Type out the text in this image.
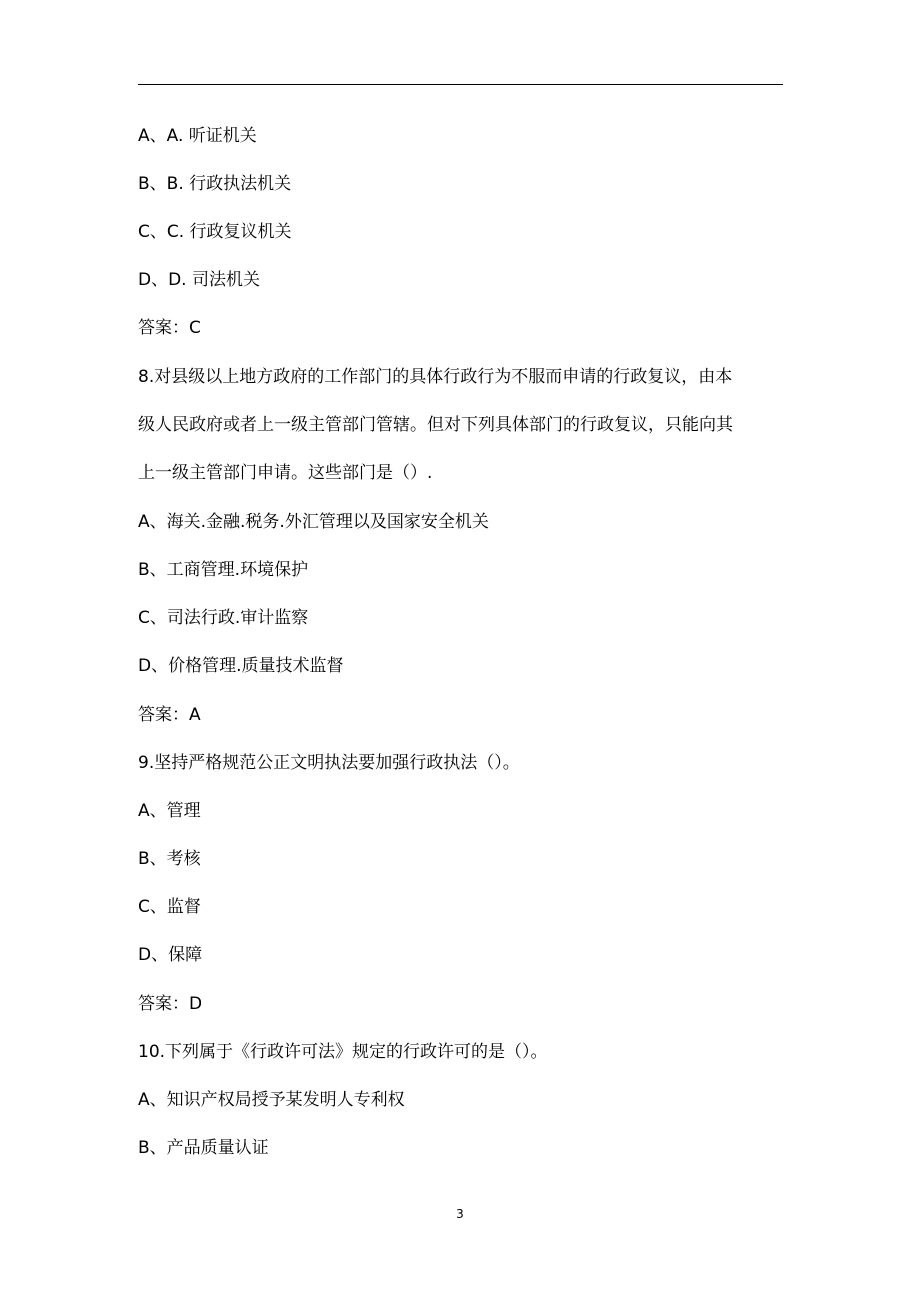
A、A. 听证机关
B、B. 行政执法机关
C、C. 行政复议机关
D、D. 司法机关
答案：C
8.对县级以上地方政府的工作部门的具体行政行为不服而申请的行政复议，由本
级人民政府或者上一级主管部门管辖。但对下列具体部门的行政复议，只能向其
上一级主管部门申请。这些部门是（）.
A、海关.金融.税务.外汇管理以及国家安全机关
B、工商管理.环境保护
C、司法行政.审计监察
D、价格管理.质量技术监督
答案：A
9.坚持严格规范公正文明执法要加强行政执法（）。
A、管理
B、考核
C、监督
D、保障
答案：D
10.下列属于《行政许可法》规定的行政许可的是（）。
A、知识产权局授予某发明人专利权
B、产品质量认证
3
